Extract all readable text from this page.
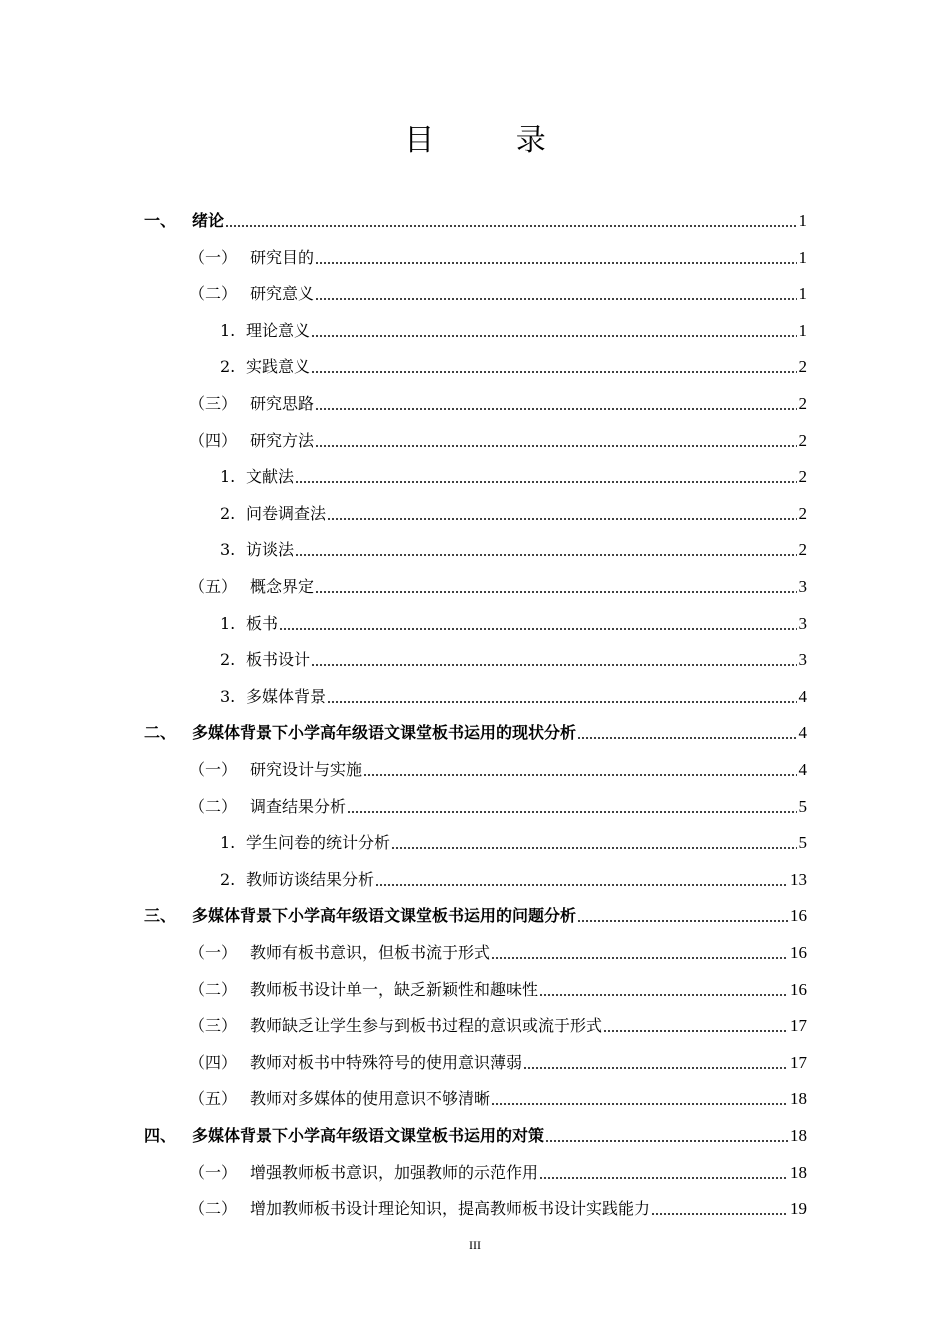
目 录
一、 绪论	1
（一） 研究目的	1
（二） 研究意义	1
1. 理论意义	1
2. 实践意义	2
（三） 研究思路	2
（四） 研究方法	2
1. 文献法	2
2. 问卷调查法	2
3. 访谈法	2
（五） 概念界定	3
1. 板书	3
2. 板书设计	3
3. 多媒体背景	4
二、 多媒体背景下小学高年级语文课堂板书运用的现状分析	4
（一） 研究设计与实施	4
（二） 调查结果分析	5
1. 学生问卷的统计分析	5
2. 教师访谈结果分析	13
三、 多媒体背景下小学高年级语文课堂板书运用的问题分析	16
（一） 教师有板书意识，但板书流于形式	16
（二） 教师板书设计单一，缺乏新颖性和趣味性	16
（三） 教师缺乏让学生参与到板书过程的意识或流于形式	17
（四） 教师对板书中特殊符号的使用意识薄弱	17
（五） 教师对多媒体的使用意识不够清晰	18
四、 多媒体背景下小学高年级语文课堂板书运用的对策	18
（一） 增强教师板书意识，加强教师的示范作用	18
（二） 增加教师板书设计理论知识，提高教师板书设计实践能力	19
III
